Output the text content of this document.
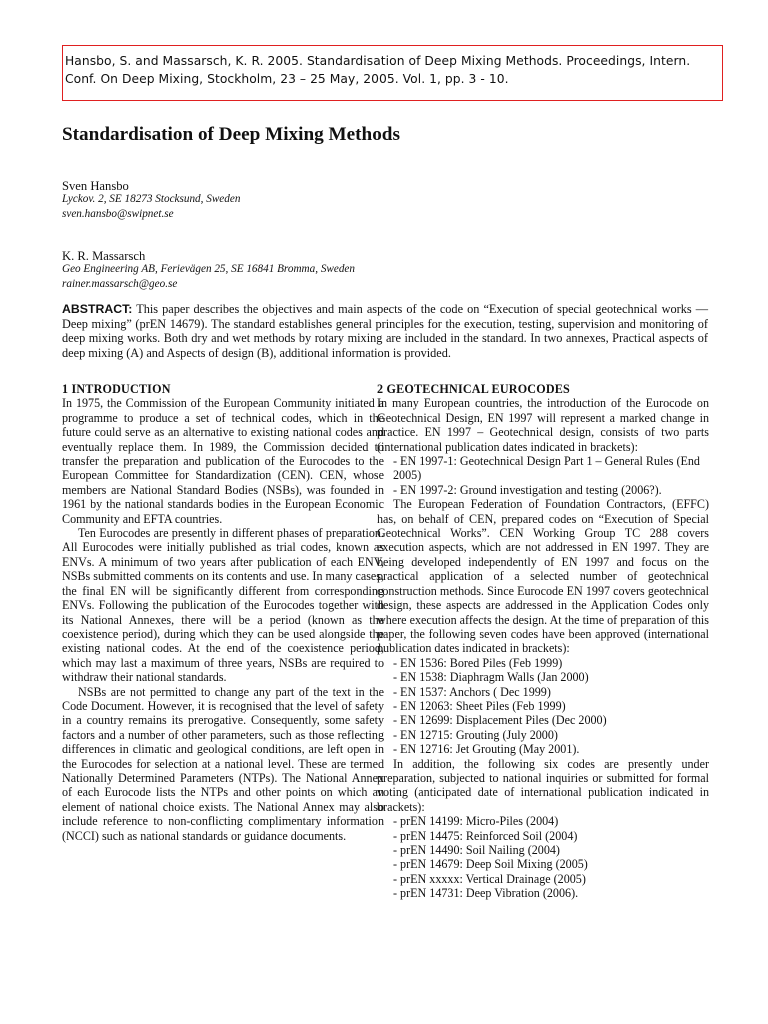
Hansbo, S. and Massarsch, K. R. 2005. Standardisation of Deep Mixing Methods. Proceedings, Intern.
Conf. On Deep Mixing, Stockholm, 23 – 25 May, 2005. Vol. 1, pp. 3 - 10.
Standardisation of Deep Mixing Methods
Sven Hansbo
Lyckov. 2, SE 18273 Stocksund, Sweden
sven.hansbo@swipnet.se
K. R. Massarsch
Geo Engineering AB, Ferievägen 25, SE 16841 Bromma, Sweden
rainer.massarsch@geo.se
ABSTRACT: This paper describes the objectives and main aspects of the code on “Execution of special geotechnical works — Deep mixing” (prEN 14679). The standard establishes general principles for the execution, testing, supervision and monitoring of deep mixing works. Both dry and wet methods by rotary mixing are included in the standard. In two annexes, Practical aspects of deep mixing (A) and Aspects of design (B), additional information is provided.
1 INTRODUCTION

In 1975, the Commission of the European Community initiated a programme to produce a set of technical codes, which in the future could serve as an alternative to existing national codes and eventually replace them. In 1989, the Commission decided to transfer the preparation and publication of the Eurocodes to the European Committee for Standardization (CEN). CEN, whose members are National Standard Bodies (NSBs), was founded in 1961 by the national standards bodies in the European Economic Community and EFTA countries.

Ten Eurocodes are presently in different phases of preparation. All Eurocodes were initially published as trial codes, known as ENVs. A minimum of two years after publication of each ENV, NSBs submitted comments on its contents and use. In many cases, the final EN will be significantly different from corresponding ENVs. Following the publication of the Eurocodes together with its National Annexes, there will be a period (known as the coexistence period), during which they can be used alongside the existing national codes. At the end of the coexistence period, which may last a maximum of three years, NSBs are required to withdraw their national standards.

NSBs are not permitted to change any part of the text in the Code Document. However, it is recognised that the level of safety in a country remains its prerogative. Consequently, some safety factors and a number of other parameters, such as those reflecting differences in climatic and geological conditions, are left open in the Eurocodes for selection at a national level. These are termed Nationally Determined Parameters (NTPs). The National Annex of each Eurocode lists the NTPs and other points on which an element of national choice exists. The National Annex may also include reference to non-conflicting complimentary information (NCCI) such as national standards or guidance documents.

2 GEOTECHNICAL EUROCODES

In many European countries, the introduction of the Eurocode on Geotechnical Design, EN 1997 will represent a marked change in practice. EN 1997 – Geotechnical design, consists of two parts (international publication dates indicated in brackets):

- EN 1997-1: Geotechnical Design Part 1 – General Rules (End 2005)
- EN 1997-2: Ground investigation and testing (2006?).

The European Federation of Foundation Contractors, (EFFC) has, on behalf of CEN, prepared codes on “Execution of Special Geotechnical Works”. CEN Working Group TC 288 covers execution aspects, which are not addressed in EN 1997. They are being developed independently of EN 1997 and focus on the practical application of a selected number of geotechnical construction methods. Since Eurocode EN 1997 covers geotechnical design, these aspects are addressed in the Application Codes only where execution affects the design. At the time of preparation of this paper, the following seven codes have been approved (international publication dates indicated in brackets):

- EN 1536: Bored Piles (Feb 1999)
- EN 1538: Diaphragm Walls (Jan 2000)
- EN 1537: Anchors ( Dec 1999)
- EN 12063: Sheet Piles (Feb 1999)
- EN 12699: Displacement Piles (Dec 2000)
- EN 12715: Grouting (July 2000)
- EN 12716: Jet Grouting (May 2001).

In addition, the following six codes are presently under preparation, subjected to national inquiries or submitted for formal voting (anticipated date of international publication indicated in brackets):

- prEN 14199: Micro-Piles (2004)
- prEN 14475: Reinforced Soil (2004)
- prEN 14490: Soil Nailing (2004)
- prEN 14679: Deep Soil Mixing (2005)
- prEN xxxxx: Vertical Drainage (2005)
- prEN 14731: Deep Vibration (2006).
